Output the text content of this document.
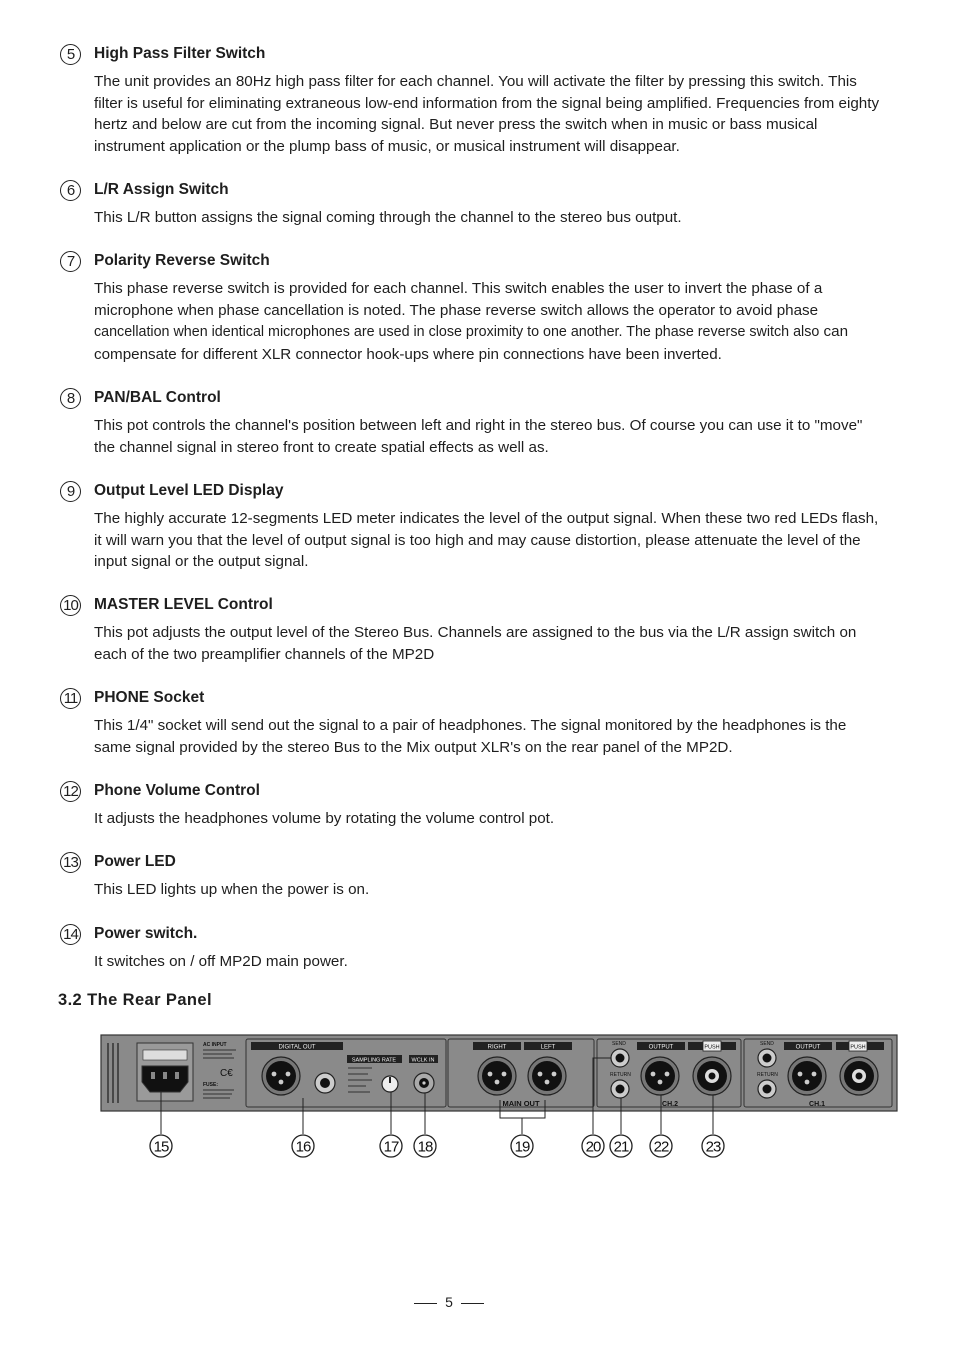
5	High Pass Filter Switch
The unit provides an 80Hz high pass filter for each channel. You will activate the filter by pressing this switch. This filter is useful for eliminating extraneous low-end information from the signal being amplified. Frequencies from eighty hertz and below are cut from the incoming signal. But never press the switch when in music or bass musical instrument application or the plump bass of music, or musical instrument will disappear.
6	L/R Assign Switch
This L/R button assigns the signal coming through the channel to the stereo bus output.
7	Polarity Reverse Switch
This phase reverse switch is provided for each channel. This switch enables the user to invert the phase of a microphone when phase cancellation is noted. The phase reverse switch allows the operator to avoid phase cancellation when identical microphones are used in close proximity to one another. The phase reverse switch also can compensate for different XLR connector hook-ups where pin connections have been inverted.
8	PAN/BAL Control
This pot controls the channel's position between left and right in the stereo bus. Of course you can use it to "move" the channel signal in stereo front to create spatial effects as well as.
9	Output Level LED Display
The highly accurate 12-segments LED meter indicates the level of the output signal. When these two red LEDs flash, it will warn you that the level of output signal is too high and may cause distortion, please attenuate the level of the input signal or the output signal.
10 MASTER LEVEL Control
This pot adjusts the output level of the Stereo Bus. Channels are assigned to the bus via the L/R assign switch on each of the two preamplifier channels of the MP2D
11 PHONE Socket
This 1/4" socket will send out the signal to a pair of headphones. The signal monitored by the headphones is the same signal provided by the stereo Bus to the Mix output XLR's on the rear panel of the MP2D.
12 Phone Volume Control
It adjusts the headphones volume by rotating the volume control pot.
13 Power LED
This LED lights up when the power is on.
14 Power switch.
It switches on / off MP2D main power.
3.2 The Rear Panel
AC INPUT
FUSE:
C€
DIGITAL OUT
SAMPLING RATE	WCLK IN
RIGHT	LEFT
MAIN OUT
SEND
RETURN
OUTPUT	PUSH
CH.2
SEND
RETURN
OUTPUT	PUSH
CH.1
15	16	17 18	19	20 21 22 23
5
